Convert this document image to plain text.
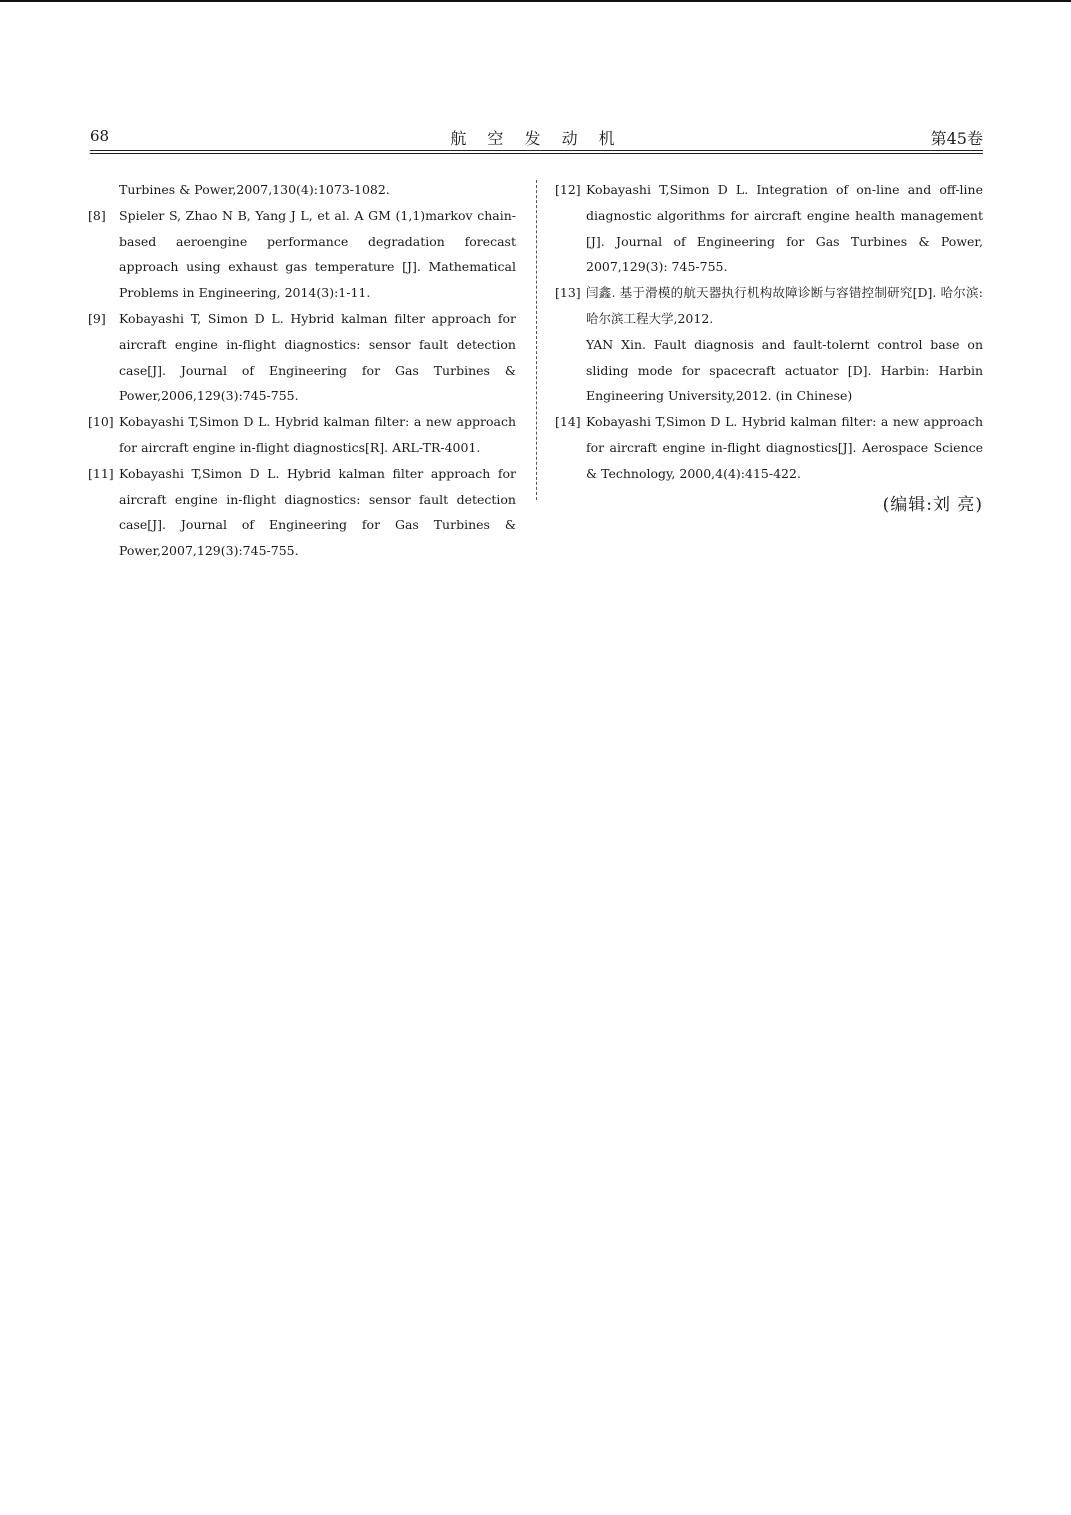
68	航 空 发 动 机	第45卷
Turbines & Power,2007,130(4):1073-1082.
[8]	Spieler S, Zhao N B, Yang J L, et al. A GM (1,1)markov chain-based aeroengine performance degradation forecast approach using exhaust gas temperature [J]. Mathematical Problems in Engineering, 2014(3):1-11.
[9]	Kobayashi T, Simon D L. Hybrid kalman filter approach for aircraft engine in-flight diagnostics: sensor fault detection case[J]. Journal of Engineering for Gas Turbines & Power,2006,129(3):745-755.
[10] Kobayashi T,Simon D L. Hybrid kalman filter: a new approach for aircraft engine in-flight diagnostics[R]. ARL-TR-4001.
[11] Kobayashi T,Simon D L. Hybrid kalman filter approach for aircraft engine in-flight diagnostics: sensor fault detection case[J]. Journal of Engineering for Gas Turbines & Power,2007,129(3):745-755.
[12] Kobayashi T,Simon D L. Integration of on-line and off-line diagnostic algorithms for aircraft engine health management [J]. Journal of Engineering for Gas Turbines & Power, 2007,129(3): 745-755.
[13] 闫鑫. 基于滑模的航天器执行机构故障诊断与容错控制研究[D]. 哈尔滨:哈尔滨工程大学,2012.
YAN Xin. Fault diagnosis and fault-tolernt control base on sliding mode for spacecraft actuator [D]. Harbin: Harbin Engineering University,2012. (in Chinese)
[14] Kobayashi T,Simon D L. Hybrid kalman filter: a new approach for aircraft engine in-flight diagnostics[J]. Aerospace Science & Technology, 2000,4(4):415-422.
(编辑:刘 亮)
